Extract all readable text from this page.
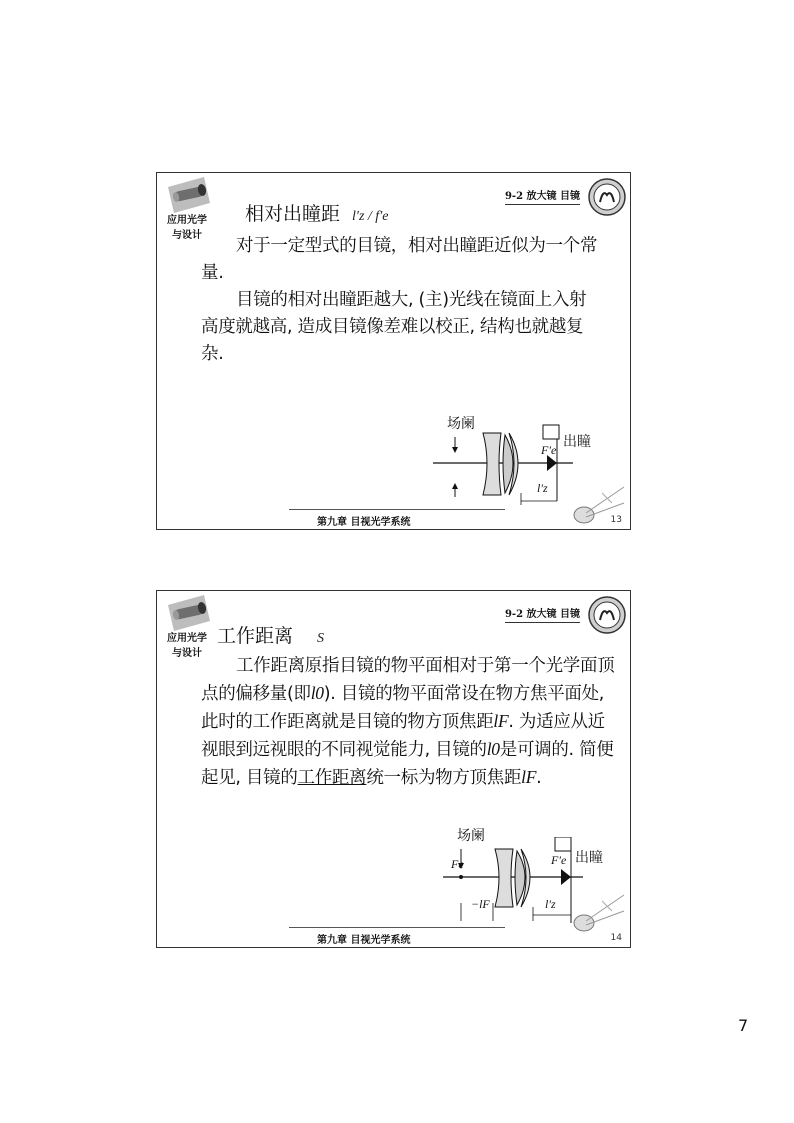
应用光学
与设计
9-2 放大镜 目镜
相对出瞳距 l′z / f′e

对于一定型式的目镜，相对出瞳距近似为一个常量.

目镜的相对出瞳距越大, (主)光线在镜面上入射高度就越高, 造成目镜像差难以校正, 结构也就越复杂.

场阑
出瞳
F′e
l′z
第九章 目视光学系统	13
应用光学
与设计
9-2 放大镜 目镜
工作距离 S

工作距离原指目镜的物平面相对于第一个光学面顶点的偏移量(即l0). 目镜的物平面常设在物方焦平面处, 此时的工作距离就是目镜的物方顶焦距lF. 为适应从近视眼到远视眼的不同视觉能力, 目镜的l0是可调的. 简便起见, 目镜的工作距离统一标为物方顶焦距lF.

场阑
出瞳
Fe	F′e
−lF	l′z
第九章 目视光学系统	14
7
